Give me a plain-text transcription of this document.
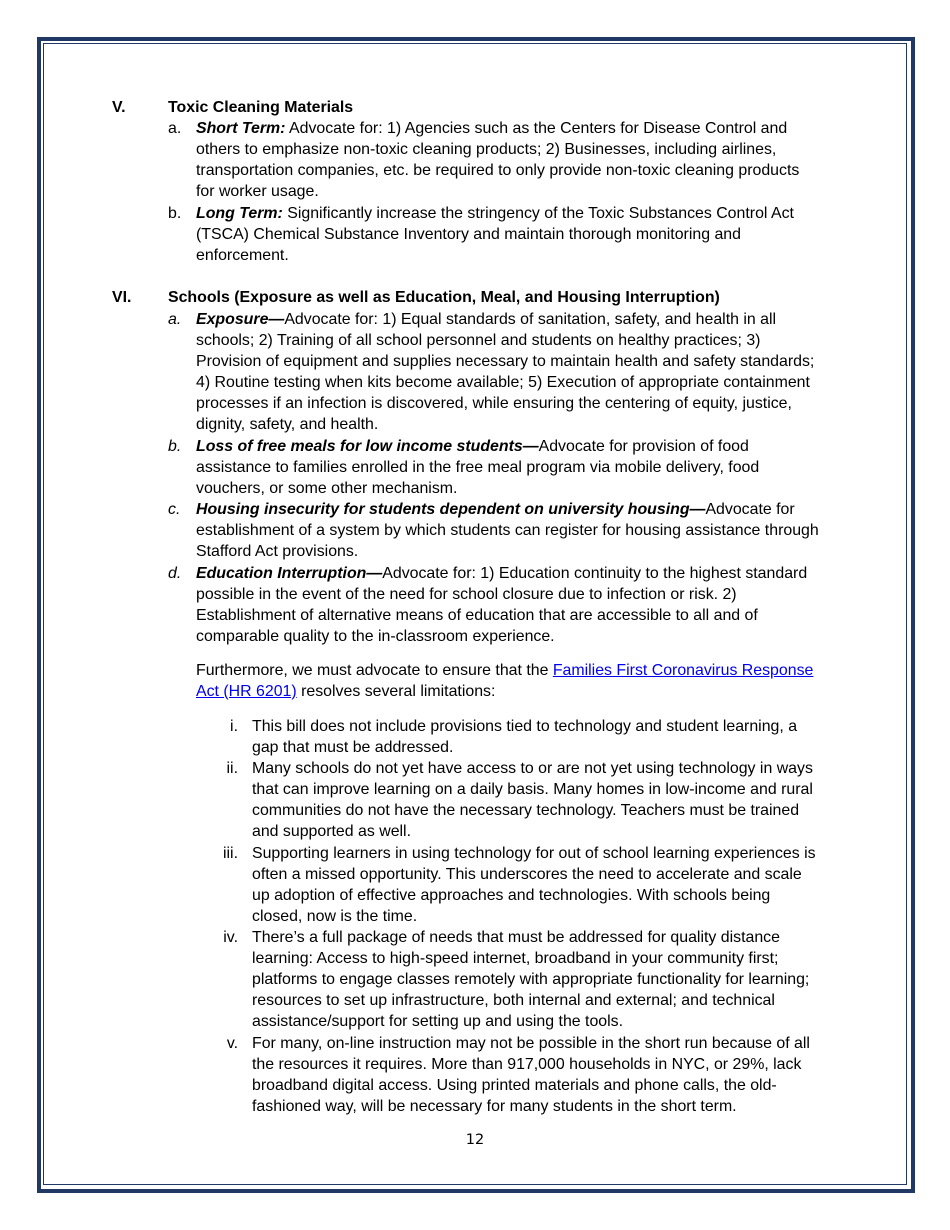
V.	Toxic Cleaning Materials
a. Short Term: Advocate for: 1) Agencies such as the Centers for Disease Control and
others to emphasize non-toxic cleaning products; 2) Businesses, including airlines,
transportation companies, etc. be required to only provide non-toxic cleaning products
for worker usage.
b. Long Term: Significantly increase the stringency of the Toxic Substances Control Act
(TSCA) Chemical Substance Inventory and maintain thorough monitoring and
enforcement.
VI. Schools (Exposure as well as Education, Meal, and Housing Interruption)
a. Exposure—Advocate for: 1) Equal standards of sanitation, safety, and health in all
schools; 2) Training of all school personnel and students on healthy practices; 3)
Provision of equipment and supplies necessary to maintain health and safety standards;
4) Routine testing when kits become available; 5) Execution of appropriate containment
processes if an infection is discovered, while ensuring the centering of equity, justice,
dignity, safety, and health.
b. Loss of free meals for low income students—Advocate for provision of food
assistance to families enrolled in the free meal program via mobile delivery, food
vouchers, or some other mechanism.
c. Housing insecurity for students dependent on university housing—Advocate for
establishment of a system by which students can register for housing assistance through
Stafford Act provisions.
d. Education Interruption—Advocate for: 1) Education continuity to the highest standard
possible in the event of the need for school closure due to infection or risk. 2)
Establishment of alternative means of education that are accessible to all and of
comparable quality to the in-classroom experience.
Furthermore, we must advocate to ensure that the Families First Coronavirus Response
Act (HR 6201) resolves several limitations:
i. This bill does not include provisions tied to technology and student learning, a
gap that must be addressed.
ii. Many schools do not yet have access to or are not yet using technology in ways
that can improve learning on a daily basis. Many homes in low-income and rural
communities do not have the necessary technology. Teachers must be trained
and supported as well.
iii. Supporting learners in using technology for out of school learning experiences is
often a missed opportunity. This underscores the need to accelerate and scale
up adoption of effective approaches and technologies. With schools being
closed, now is the time.
iv. There’s a full package of needs that must be addressed for quality distance
learning: Access to high-speed internet, broadband in your community first;
platforms to engage classes remotely with appropriate functionality for learning;
resources to set up infrastructure, both internal and external; and technical
assistance/support for setting up and using the tools.
v. For many, on-line instruction may not be possible in the short run because of all
the resources it requires. More than 917,000 households in NYC, or 29%, lack
broadband digital access. Using printed materials and phone calls, the old-
fashioned way, will be necessary for many students in the short term.
12
